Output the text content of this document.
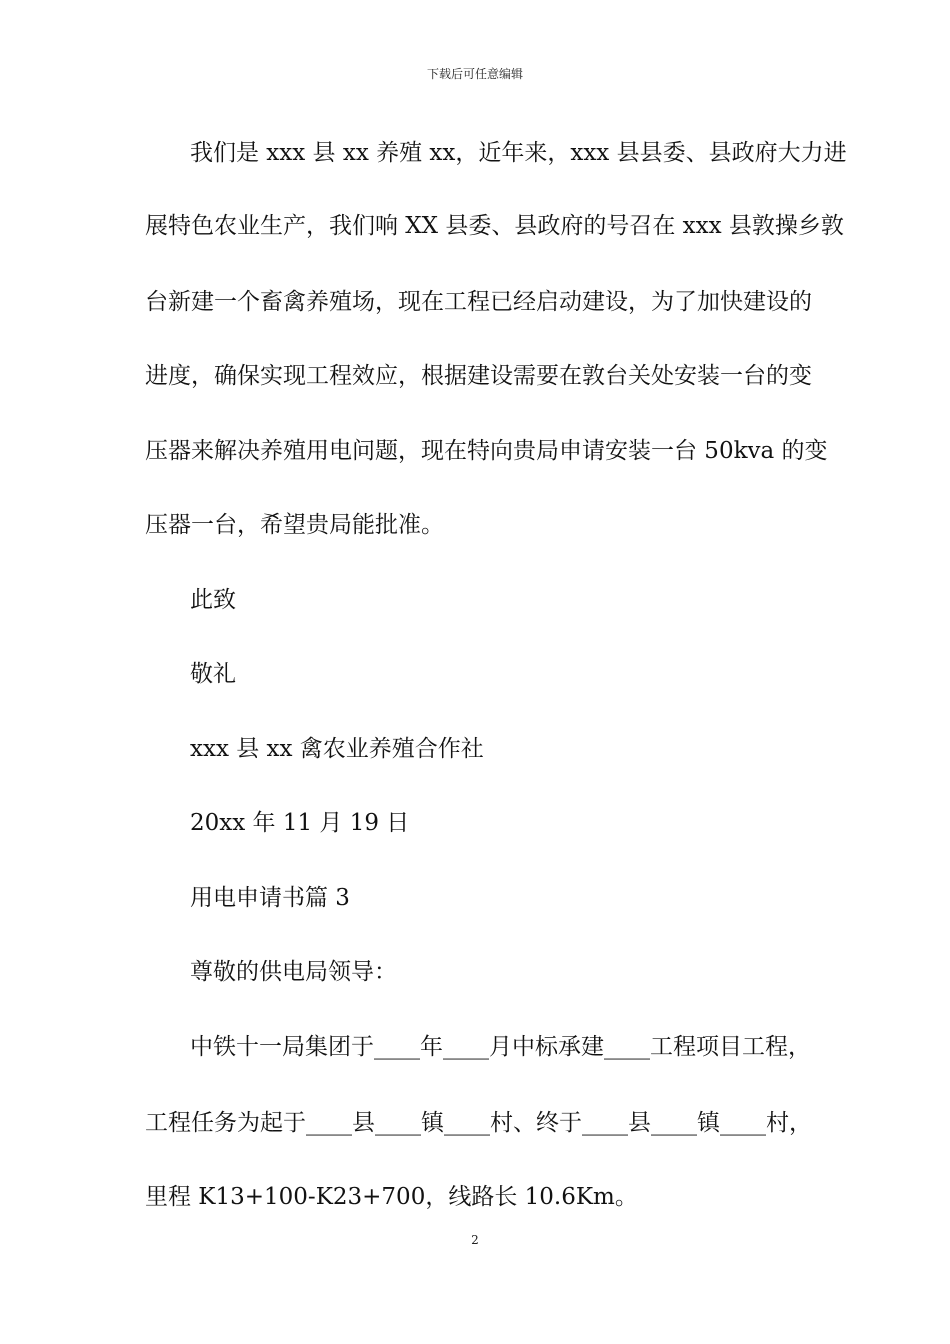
下载后可任意编辑
我们是 xxx 县 xx 养殖 xx，近年来，xxx 县县委、县政府大力进
展特色农业生产，我们响 XX 县委、县政府的号召在 xxx 县敦操乡敦
台新建一个畜禽养殖场，现在工程已经启动建设，为了加快建设的
进度，确保实现工程效应，根据建设需要在敦台关处安装一台的变
压器来解决养殖用电问题，现在特向贵局申请安装一台 50kva 的变
压器一台，希望贵局能批准。
此致
敬礼
xxx 县 xx 禽农业养殖合作社
20xx 年 11 月 19 日
用电申请书篇 3
尊敬的供电局领导：
中铁十一局集团于____年____月中标承建____工程项目工程，
工程任务为起于____县____镇____村、终于____县____镇____村，
里程 K13+100-K23+700，线路长 10.6Km。
2
